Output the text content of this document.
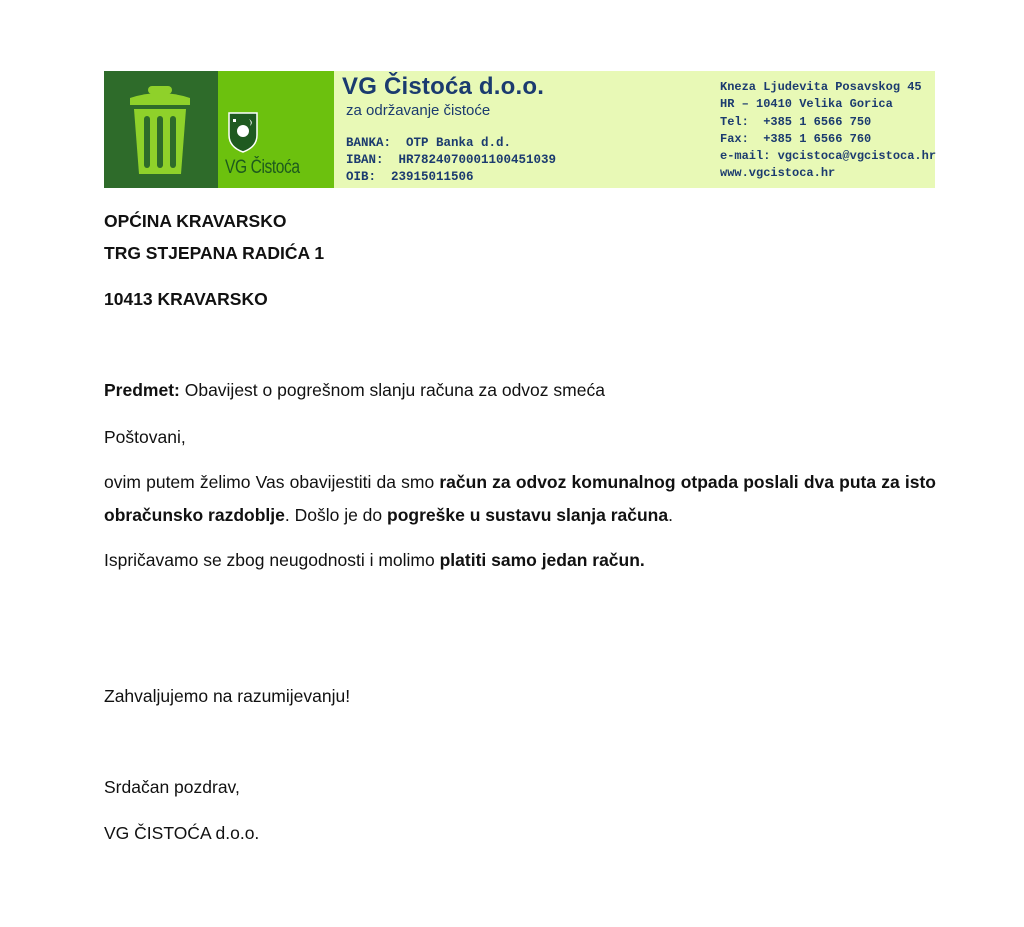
VG Čistoća
VG Čistoća d.o.o.
za održavanje čistoće
BANKA:  OTP Banka d.d.
IBAN:  HR7824070001100451039
OIB:  23915011506
Kneza Ljudevita Posavskog 45
HR – 10410 Velika Gorica
Tel:  +385 1 6566 750
Fax:  +385 1 6566 760
e-mail: vgcistoca@vgcistoca.hr
www.vgcistoca.hr
OPĆINA KRAVARSKO
TRG STJEPANA RADIĆA 1
10413 KRAVARSKO
Predmet: Obavijest o pogrešnom slanju računa za odvoz smeća
Poštovani,
ovim putem želimo Vas obavijestiti da smo račun za odvoz komunalnog otpada poslali dva puta za isto obračunsko razdoblje. Došlo je do pogreške u sustavu slanja računa.
Ispričavamo se zbog neugodnosti i molimo platiti samo jedan račun.
Zahvaljujemo na razumijevanju!
Srdačan pozdrav,
VG ČISTOĆA d.o.o.
